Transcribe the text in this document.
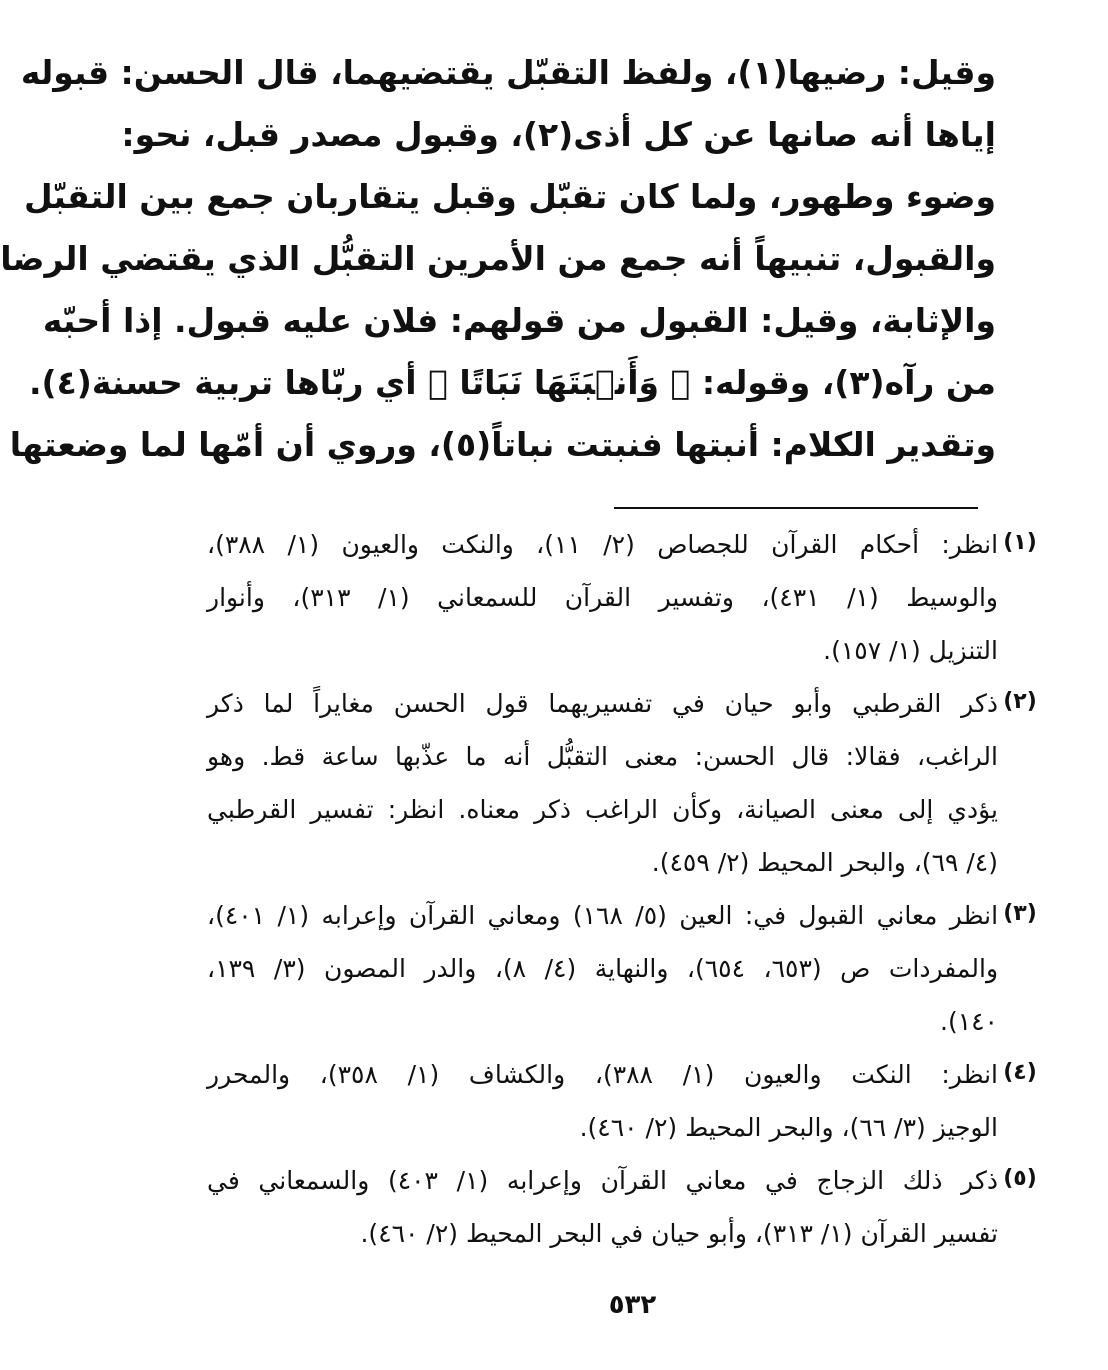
وقيل: رضيها(١)، ولفظ التقبّل يقتضيهما، قال الحسن: قبوله
إياها أنه صانها عن كل أذى(٢)، وقبول مصدر قبل، نحو:
وضوء وطهور، ولما كان تقبّل وقبل يتقاربان جمع بين التقبّل
والقبول، تنبيهاً أنه جمع من الأمرين التقبُّل الذي يقتضي الرضا
والإثابة، وقيل: القبول من قولهم: فلان عليه قبول. إذا أحبّه
من رآه(٣)، وقوله: ﴿ وَأَنۢبَتَهَا نَبَاتًا ﴾ أي ربّاها تربية حسنة(٤).
وتقدير الكلام: أنبتها فنبتت نباتاً(٥)، وروي أن أمّها لما وضعتها
(١)
انظر: أحكام القرآن للجصاص (٢/ ١١)، والنكت والعيون (١/ ٣٨٨)،
والوسيط (١/ ٤٣١)، وتفسير القرآن للسمعاني (١/ ٣١٣)، وأنوار
التنزيل (١/ ١٥٧).
(٢)
ذكر القرطبي وأبو حيان في تفسيريهما قول الحسن مغايراً لما ذكر
الراغب، فقالا: قال الحسن: معنى التقبُّل أنه ما عذّبها ساعة قط. وهو
يؤدي إلى معنى الصيانة، وكأن الراغب ذكر معناه. انظر: تفسير القرطبي
(٤/ ٦٩)، والبحر المحيط (٢/ ٤٥٩).
(٣)
انظر معاني القبول في: العين (٥/ ١٦٨) ومعاني القرآن وإعرابه (١/ ٤٠١)،
والمفردات ص (٦٥٣، ٦٥٤)، والنهاية (٤/ ٨)، والدر المصون (٣/ ١٣٩،
١٤٠).
(٤)
انظر: النكت والعيون (١/ ٣٨٨)، والكشاف (١/ ٣٥٨)، والمحرر
الوجيز (٣/ ٦٦)، والبحر المحيط (٢/ ٤٦٠).
(٥)
ذكر ذلك الزجاج في معاني القرآن وإعرابه (١/ ٤٠٣) والسمعاني في
تفسير القرآن (١/ ٣١٣)، وأبو حيان في البحر المحيط (٢/ ٤٦٠).
٥٣٢
